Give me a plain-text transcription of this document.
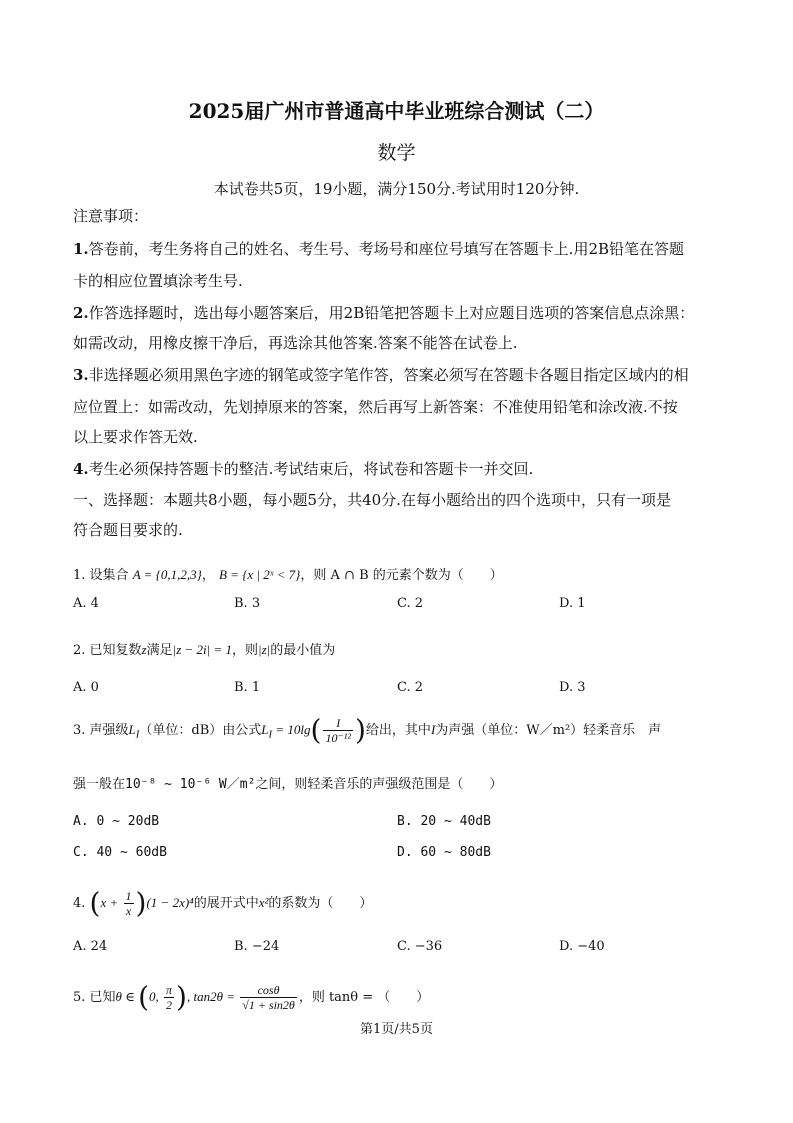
2025届广州市普通高中毕业班综合测试（二）
数学
本试卷共5页，19小题，满分150分.考试用时120分钟.
注意事项：
1.答卷前，考生务将自己的姓名、考生号、考场号和座位号填写在答题卡上.用2B铅笔在答题
卡的相应位置填涂考生号.
2.作答选择题时，选出每小题答案后，用2B铅笔把答题卡上对应题目选项的答案信息点涂黑：
如需改动，用橡皮擦干净后，再选涂其他答案.答案不能答在试卷上.
3.非选择题必须用黑色字迹的钢笔或签字笔作答，答案必须写在答题卡各题目指定区域内的相
应位置上：如需改动，先划掉原来的答案，然后再写上新答案：不准使用铅笔和涂改液.不按
以上要求作答无效.
4.考生必须保持答题卡的整洁.考试结束后，将试卷和答题卡一并交回.
一、选择题：本题共8小题，每小题5分，共40分.在每小题给出的四个选项中，只有一项是
符合题目要求的.
1. 设集合 A = {0,1,2,3}， B = {x | 2ˣ < 7}，则 A ∩ B 的元素个数为（　　）
A. 4	B. 3	C. 2	D. 1
2. 已知复数z满足|z − 2i| = 1，则|z|的最小值为
A. 0	B. 1	C. 2	D. 3
3. 声强级$L_I$（单位：dB）由公式$L_I = 10\lg( \frac{I}{\text{10⁻¹²}}$ )给出，其中I为声强（单位：W／m²）轻柔音乐　声
强一般在10⁻⁸ ~ 10⁻⁶ W／m²之间，则轻柔音乐的声强级范围是（　　）
A. 0 ~ 20dB	B. 20 ~ 40dB
C. 40 ~ 60dB	D. 60 ~ 80dB
4. $(x + \frac{1}{x} )(1 - 2x)^4$的展开式中x²的系数为（　　）
A. 24	B. −24	C. −36	D. −40
5. 已知θ ∈ (0, $\frac{\pi}{2}$ ), $\tan 2\theta = \frac{\cos\theta}{√1 + \sin 2\theta}$ ，则 tanθ = （　　）
第1页/共5页
